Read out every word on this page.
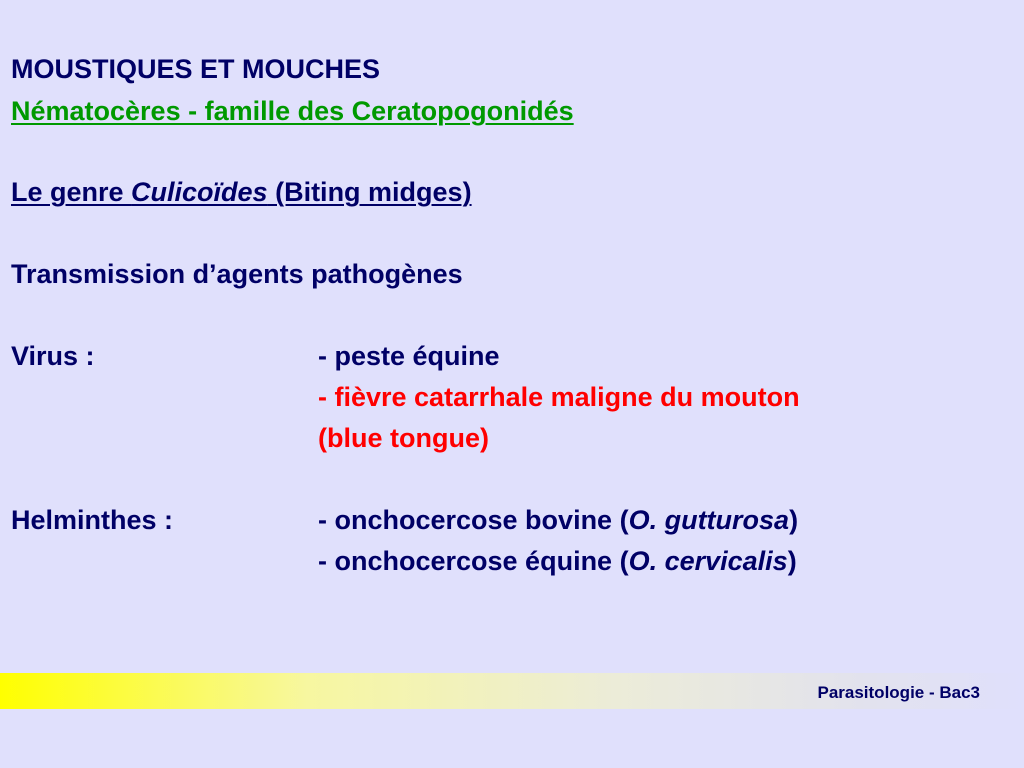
MOUSTIQUES ET MOUCHES
Nématocères - famille des Ceratopogonidés
Le genre Culicoïdes (Biting midges)
Transmission d’agents pathogènes
Virus :	- peste équine
- fièvre catarrhale maligne du mouton
(blue tongue)
Helminthes :	- onchocercose bovine (O. gutturosa)
- onchocercose équine (O. cervicalis)
Parasitologie - Bac3
